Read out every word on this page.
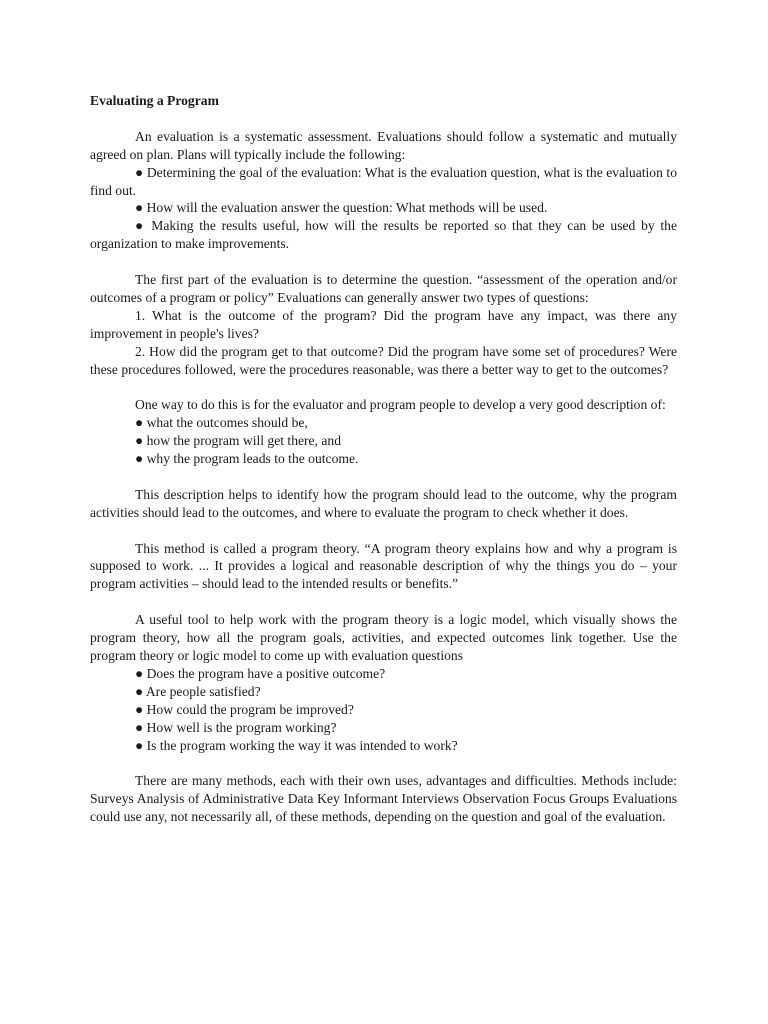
Evaluating a Program

An evaluation is a systematic assessment. Evaluations should follow a systematic and mutually agreed on plan. Plans will typically include the following:

● Determining the goal of the evaluation: What is the evaluation question, what is the evaluation to find out.

● How will the evaluation answer the question: What methods will be used.

● Making the results useful, how will the results be reported so that they can be used by the organization to make improvements.

The first part of the evaluation is to determine the question. “assessment of the operation and/or outcomes of a program or policy” Evaluations can generally answer two types of questions:

1. What is the outcome of the program? Did the program have any impact, was there any improvement in people's lives?

2. How did the program get to that outcome? Did the program have some set of procedures? Were these procedures followed, were the procedures reasonable, was there a better way to get to the outcomes?

One way to do this is for the evaluator and program people to develop a very good description of:

● what the outcomes should be,

● how the program will get there, and

● why the program leads to the outcome.

This description helps to identify how the program should lead to the outcome, why the program activities should lead to the outcomes, and where to evaluate the program to check whether it does.

This method is called a program theory. “A program theory explains how and why a program is supposed to work. ... It provides a logical and reasonable description of why the things you do – your program activities – should lead to the intended results or benefits.”

A useful tool to help work with the program theory is a logic model, which visually shows the program theory, how all the program goals, activities, and expected outcomes link together. Use the program theory or logic model to come up with evaluation questions

● Does the program have a positive outcome?

● Are people satisfied?

● How could the program be improved?

● How well is the program working?

● Is the program working the way it was intended to work?

There are many methods, each with their own uses, advantages and difficulties. Methods include: Surveys Analysis of Administrative Data Key Informant Interviews Observation Focus Groups Evaluations could use any, not necessarily all, of these methods, depending on the question and goal of the evaluation.
